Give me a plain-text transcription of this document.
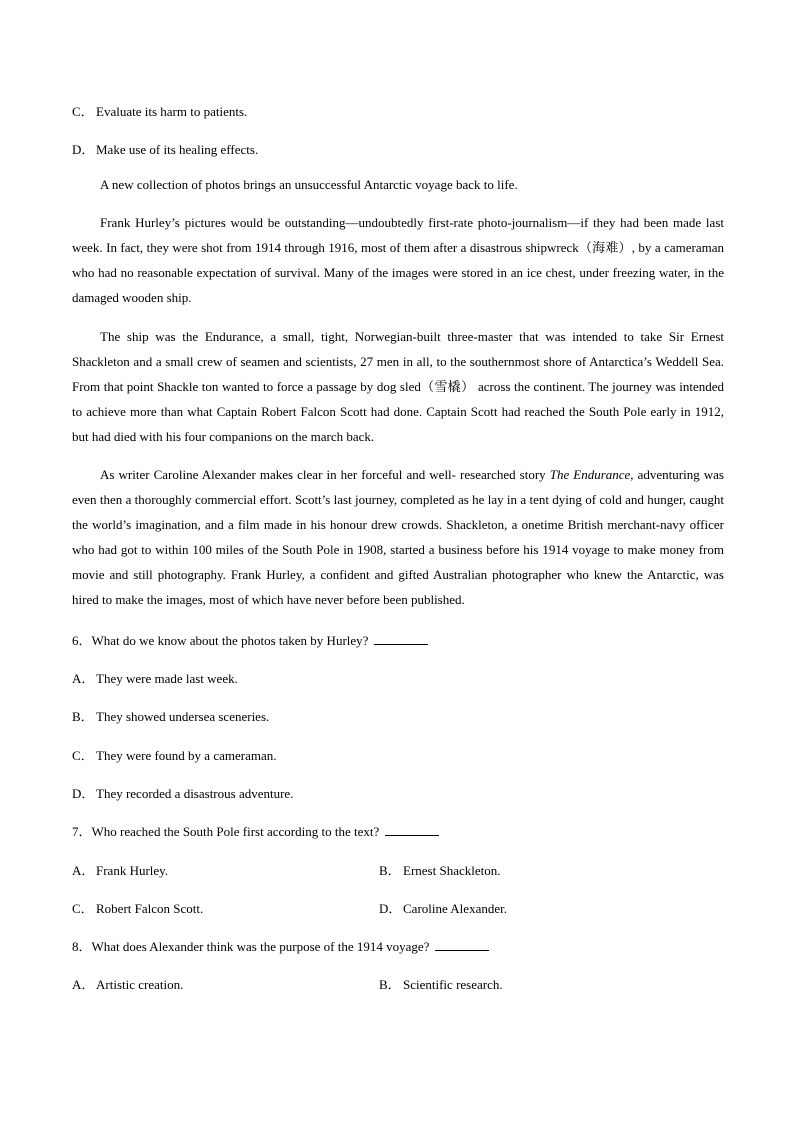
C． Evaluate its harm to patients.
D． Make use of its healing effects.
A new collection of photos brings an unsuccessful Antarctic voyage back to life.
Frank Hurley’s pictures would be outstanding—undoubtedly first-rate photo-journalism—if they had been made last week. In fact, they were shot from 1914 through 1916, most of them after a disastrous shipwreck（海难）, by a cameraman who had no reasonable expectation of survival. Many of the images were stored in an ice chest, under freezing water, in the damaged wooden ship.
The ship was the Endurance, a small, tight, Norwegian-built three-master that was intended to take Sir Ernest Shackleton and a small crew of seamen and scientists, 27 men in all, to the southernmost shore of Antarctica’s Weddell Sea. From that point Shackle ton wanted to force a passage by dog sled（雪橇） across the continent. The journey was intended to achieve more than what Captain Robert Falcon Scott had done. Captain Scott had reached the South Pole early in 1912, but had died with his four companions on the march back.
As writer Caroline Alexander makes clear in her forceful and well- researched story The Endurance, adventuring was even then a thoroughly commercial effort. Scott’s last journey, completed as he lay in a tent dying of cold and hunger, caught the world’s imagination, and a film made in his honour drew crowds. Shackleton, a onetime British merchant-navy officer who had got to within 100 miles of the South Pole in 1908, started a business before his 1914 voyage to make money from movie and still photography. Frank Hurley, a confident and gifted Australian photographer who knew the Antarctic, was hired to make the images, most of which have never before been published.
6．What do we know about the photos taken by Hurley?
A． They were made last week.
B． They showed undersea sceneries.
C． They were found by a cameraman.
D． They recorded a disastrous adventure.
7．Who reached the South Pole first according to the text?
A． Frank Hurley.	B． Ernest Shackleton.
C． Robert Falcon Scott.	D． Caroline Alexander.
8．What does Alexander think was the purpose of the 1914 voyage?
A． Artistic creation.	B． Scientific research.
